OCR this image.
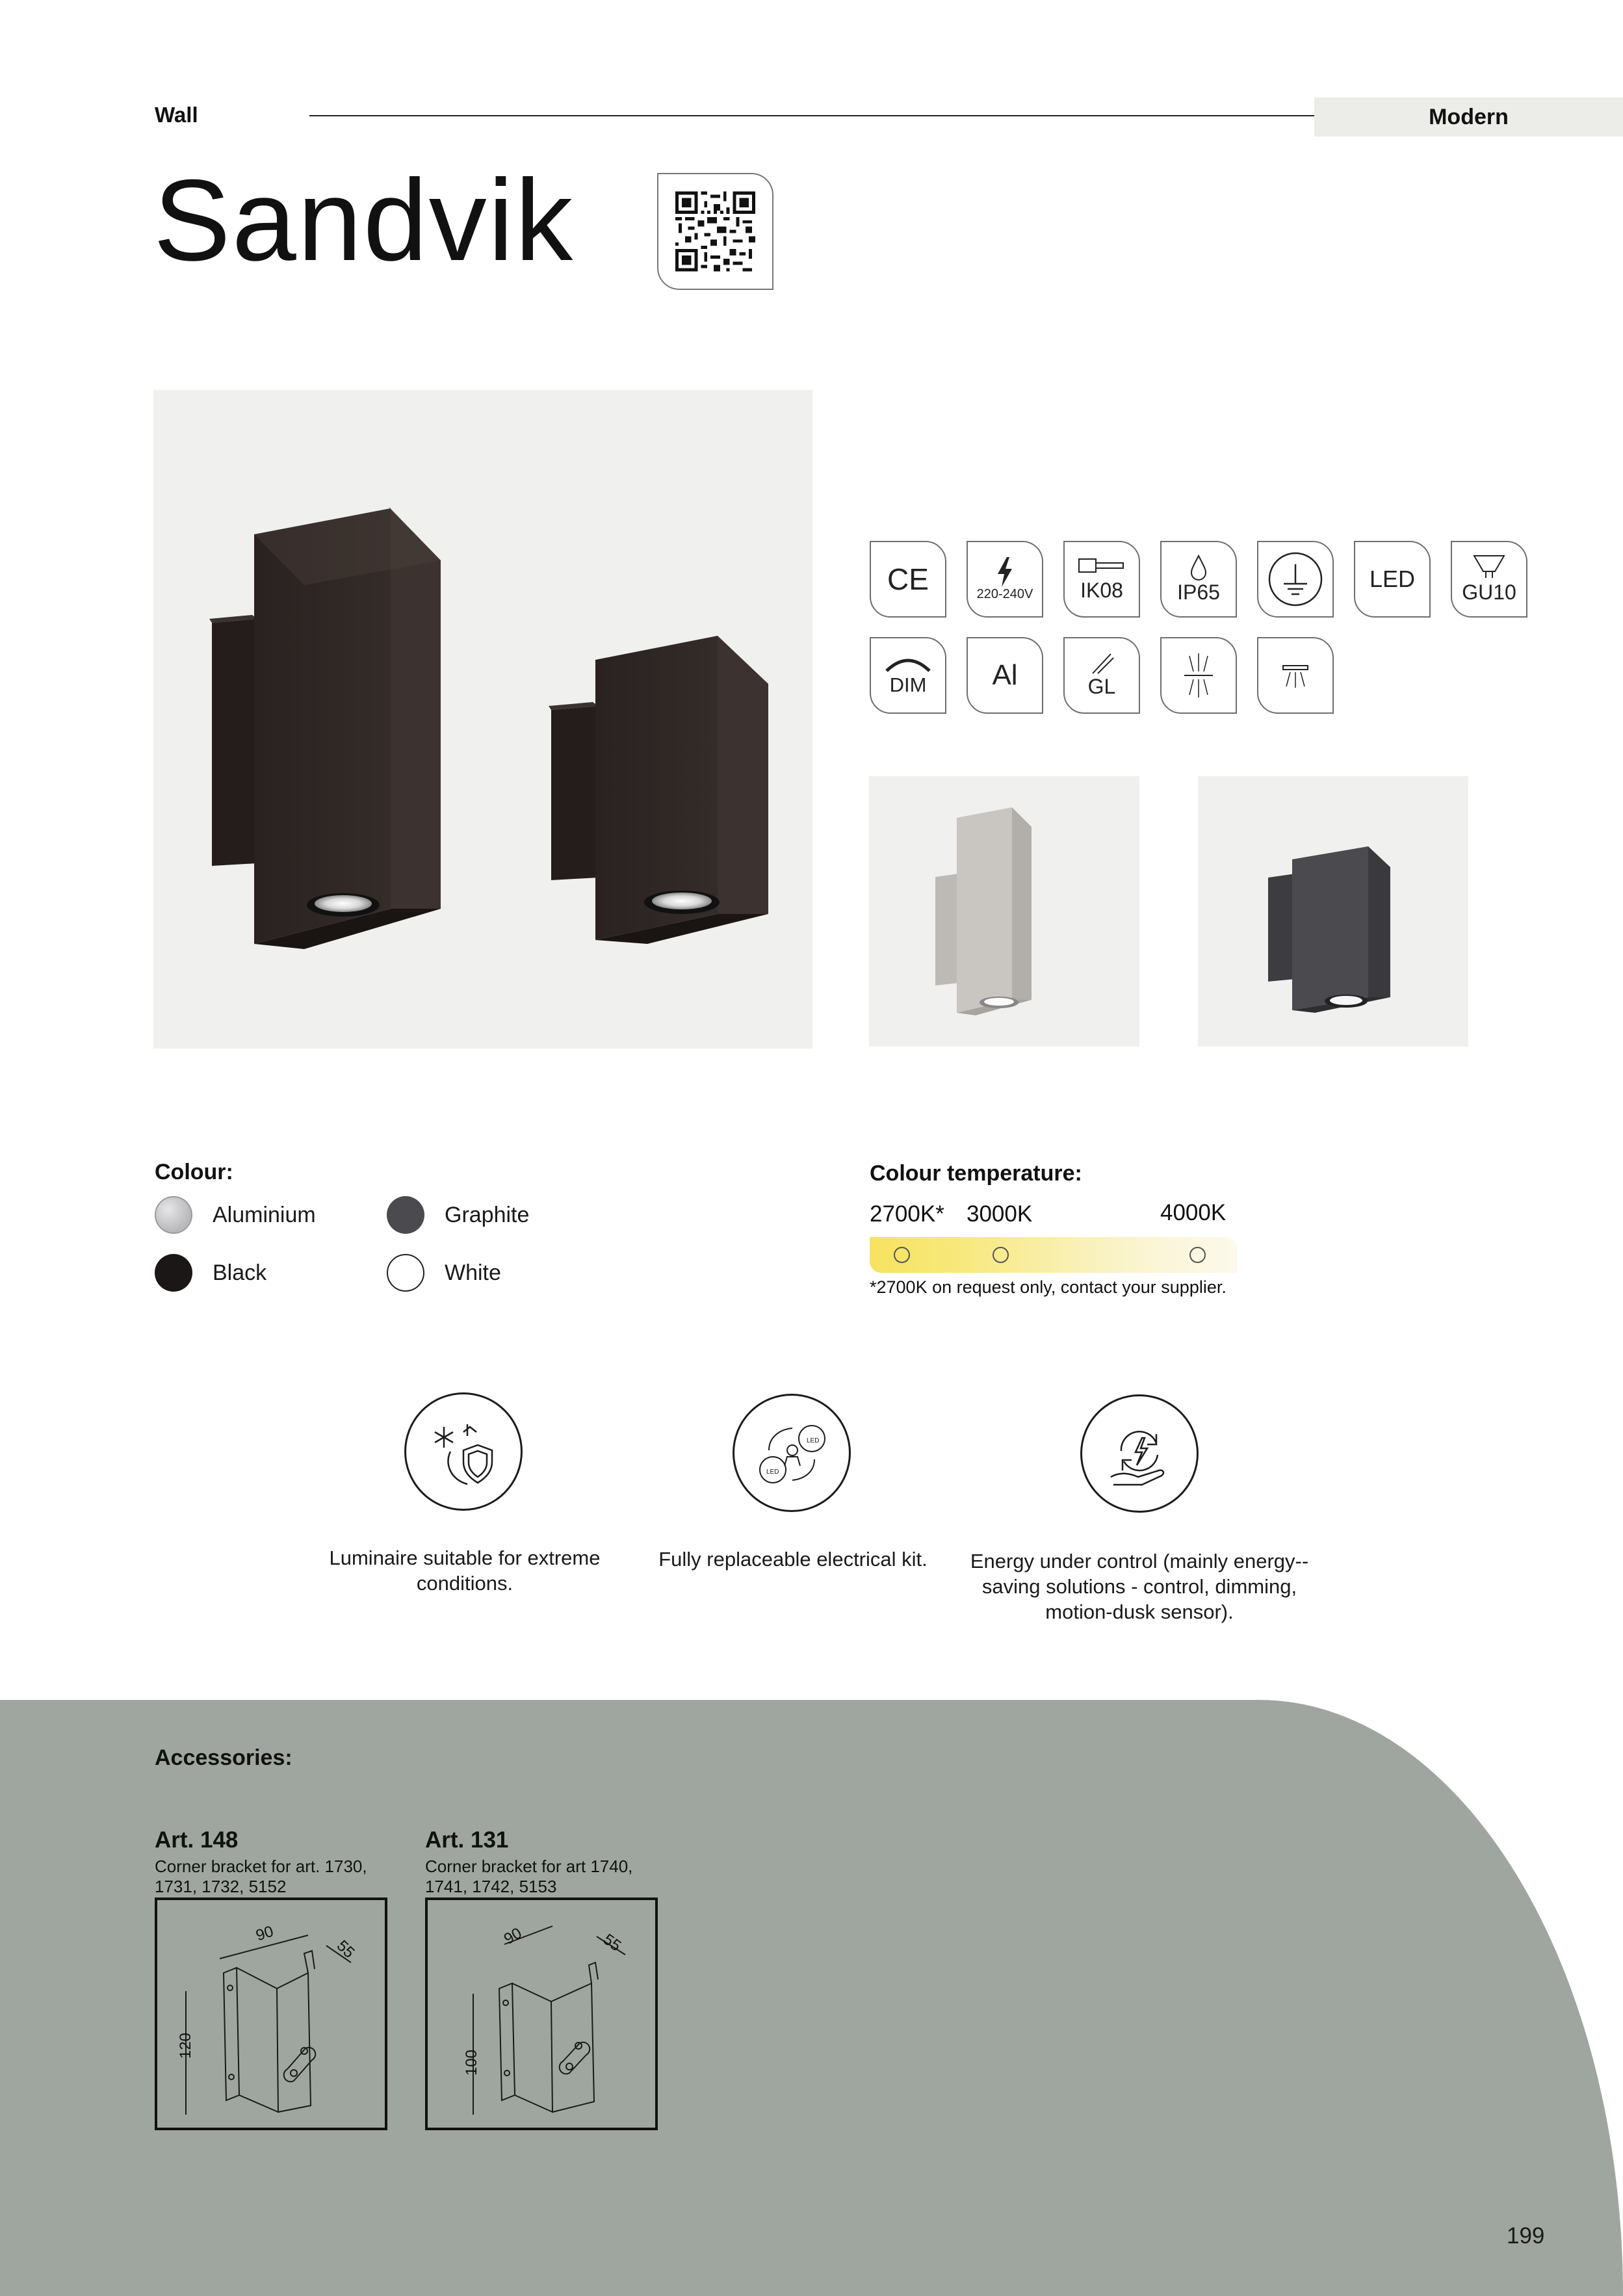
Wall	Modern
Sandvik
CE	220-240V IK08	IP65	LED GU10
DIM Al	GL
Colour:
Aluminium	Graphite
Black	White
Colour temperature:
2700K* 3000K	4000K
*2700K on request only, contact your supplier.
Luminaire suitable for extreme conditions.
LED
LED
Fully replaceable electrical kit.	Energy under control (mainly energy--saving solutions - control, dimming, motion-dusk sensor).
Accessories:
Art. 148
Corner bracket for art. 1730,
1731, 1732, 5152
90
55
120
Art. 131
Corner bracket for art 1740,
1741, 1742, 5153
90	55
100
199
